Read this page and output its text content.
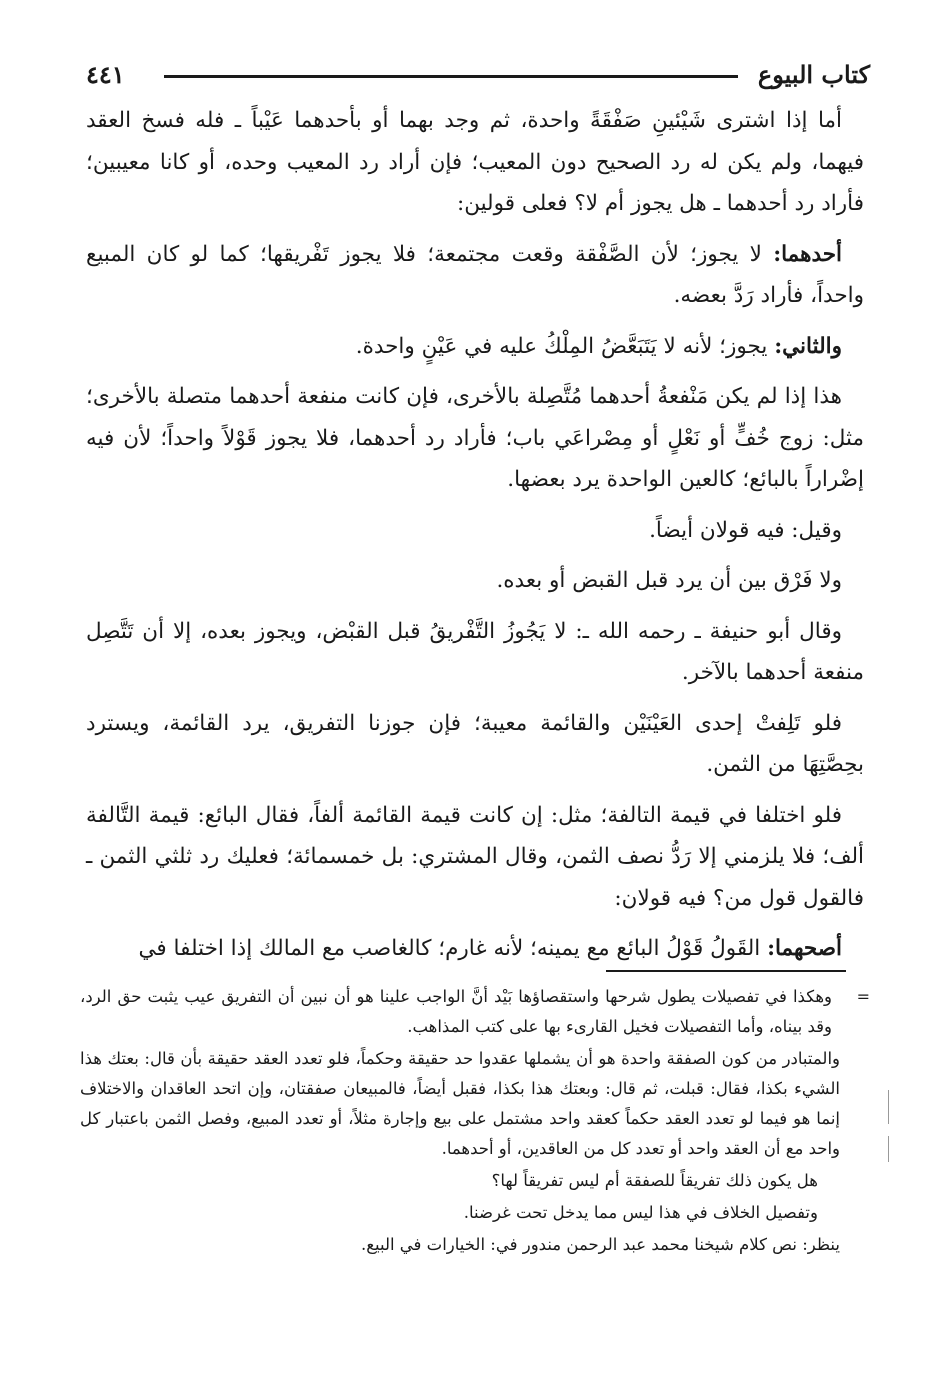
كتاب البيوع
٤٤١

أما إذا اشترى شَيْئينِ صَفْقَةً واحدة، ثم وجد بهما أو بأحدهما عَيْباً ـ فله فسخ العقد فيهما، ولم يكن له رد الصحيح دون المعيب؛ فإن أراد رد المعيب وحده، أو كانا معيبين؛ فأراد رد أحدهما ـ هل يجوز أم لا؟ فعلى قولين:

أحدهما: لا يجوز؛ لأن الصَّفْقة وقعت مجتمعة؛ فلا يجوز تَفْريقها؛ كما لو كان المبيع واحداً، فأراد رَدَّ بعضه.

والثاني: يجوز؛ لأنه لا يَتَبَعَّضُ المِلْكُ عليه في عَيْنٍ واحدة.

هذا إذا لم يكن مَنْفعةُ أحدهما مُتَّصِلة بالأخرى، فإن كانت منفعة أحدهما متصلة بالأخرى؛ مثل: زوج خُفٍّ أو نَعْلٍ أو مِصْراعَي باب؛ فأراد رد أحدهما، فلا يجوز قَوْلاً واحداً؛ لأن فيه إضْراراً بالبائع؛ كالعين الواحدة يرد بعضها.

وقيل: فيه قولان أيضاً.

ولا فَرْق بين أن يرد قبل القبض أو بعده.

وقال أبو حنيفة ـ رحمه الله ـ: لا يَجُوزُ التَّفْريقُ قبل القبْض، ويجوز بعده، إلا أن تَتَّصِل منفعة أحدهما بالآخر.

فلو تَلِفتْ إحدى العَيْنَيْن والقائمة معيبة؛ فإن جوزنا التفريق، يرد القائمة، ويسترد بحِصَّتِهَا من الثمن.

فلو اختلفا في قيمة التالفة؛ مثل: إن كانت قيمة القائمة ألفاً، فقال البائع: قيمة التَّالفة ألف؛ فلا يلزمني إلا رَدُّ نصف الثمن، وقال المشتري: بل خمسمائة؛ فعليك رد ثلثي الثمن ـ فالقول قول من؟ فيه قولان:

أصحهما: القَولُ قَوْلُ البائع مع يمينه؛ لأنه غارم؛ كالغاصب مع المالك إذا اختلفا في

=
وهكذا في تفصيلات يطول شرحها واستقصاؤها بَيْد أنَّ الواجب علينا هو أن نبين أن التفريق عيب يثبت حق الرد، وقد بيناه، وأما التفصيلات فخيل القارىء بها على كتب المذاهب.

والمتبادر من كون الصفقة واحدة هو أن يشملها عقدوا حد حقيقة وحكماً، فلو تعدد العقد حقيقة بأن قال: بعتك هذا الشيء بكذا، فقال: قبلت، ثم قال: وبعتك هذا بكذا، فقبل أيضاً، فالمبيعان صفقتان، وإن اتحد العاقدان والاختلاف إنما هو فيما لو تعدد العقد حكماً كعقد واحد مشتمل على بيع وإجارة مثلاً، أو تعدد المبيع، وفصل الثمن باعتبار كل واحد مع أن العقد واحد أو تعدد كل من العاقدين، أو أحدهما.

هل يكون ذلك تفريقاً للصفقة أم ليس تفريقاً لها؟

وتفصيل الخلاف في هذا ليس مما يدخل تحت غرضنا.

ينظر: نص كلام شيخنا محمد عبد الرحمن مندور في: الخيارات في البيع.
